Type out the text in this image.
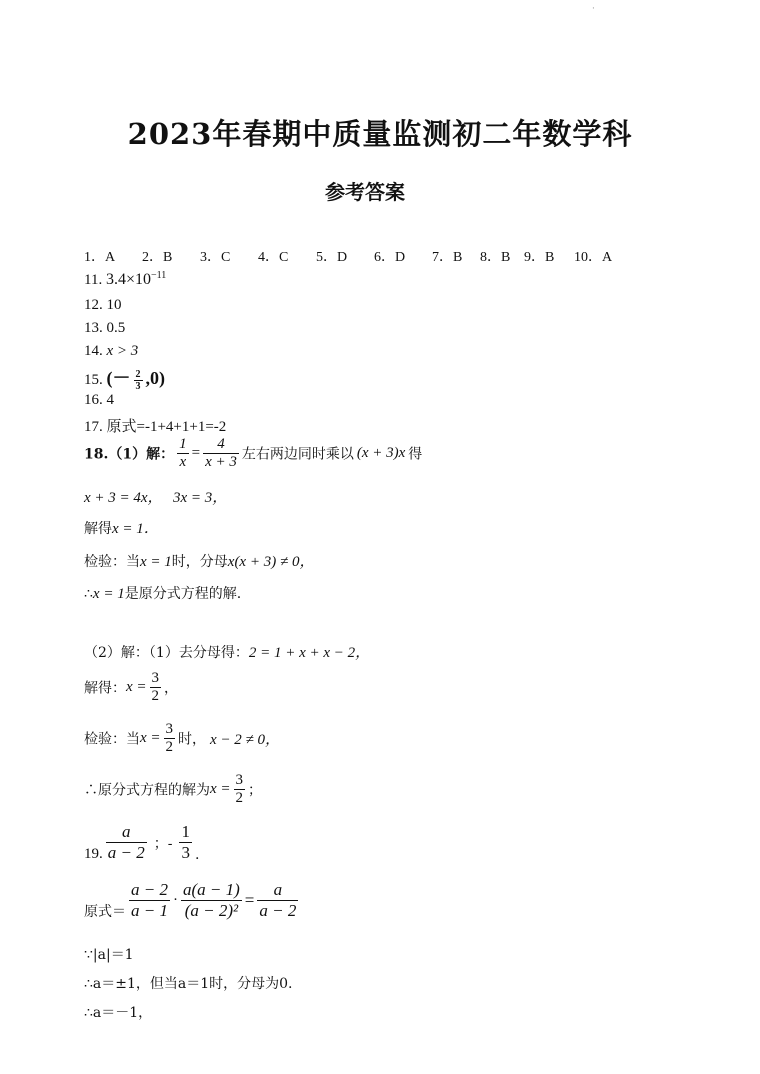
·
2023年春期中质量监测初二年数学科
参考答案
1．A 2．B 3．C 4．C 5．D 6．D 7．B 8．B 9．B 10．A
11. $3.4\times 10^{-11}$
12. 10
13. 0.5
14. x > 3
15. (－ $\frac{2}{3} ,0$)
16. 4
17. 原式=-1+4+1+1=-2
18.（1）解： $\frac{1}{x} = \frac{4}{x + 3}$ 左右两边同时乘以 (x + 3)x 得
x + 3 = 4x， 3x = 3，
解得x = 1．
检验：当x = 1时，分母x(x + 3) ≠ 0，
∴x = 1是原分式方程的解.
（2）解：（1）去分母得：2 = 1 + x + x − 2，
解得：$x = \frac{3}{2}$ ，
检验：当$x = \frac{3}{2}$ 时， x − 2 ≠ 0，
∴原分式方程的解为$x = \frac{3}{2}$ ；
19. $\frac{a}{a - 2}$ ；- $\frac{1}{3}$ .
原式＝ $\frac{a - 2}{a - 1} \cdot \frac{a(a - 1)}{\text{(a − 2)²}} = \frac{a}{a - 2}$
∵|a|＝1
∴a＝±1，但当a＝1时，分母为0.
∴a＝－1，
